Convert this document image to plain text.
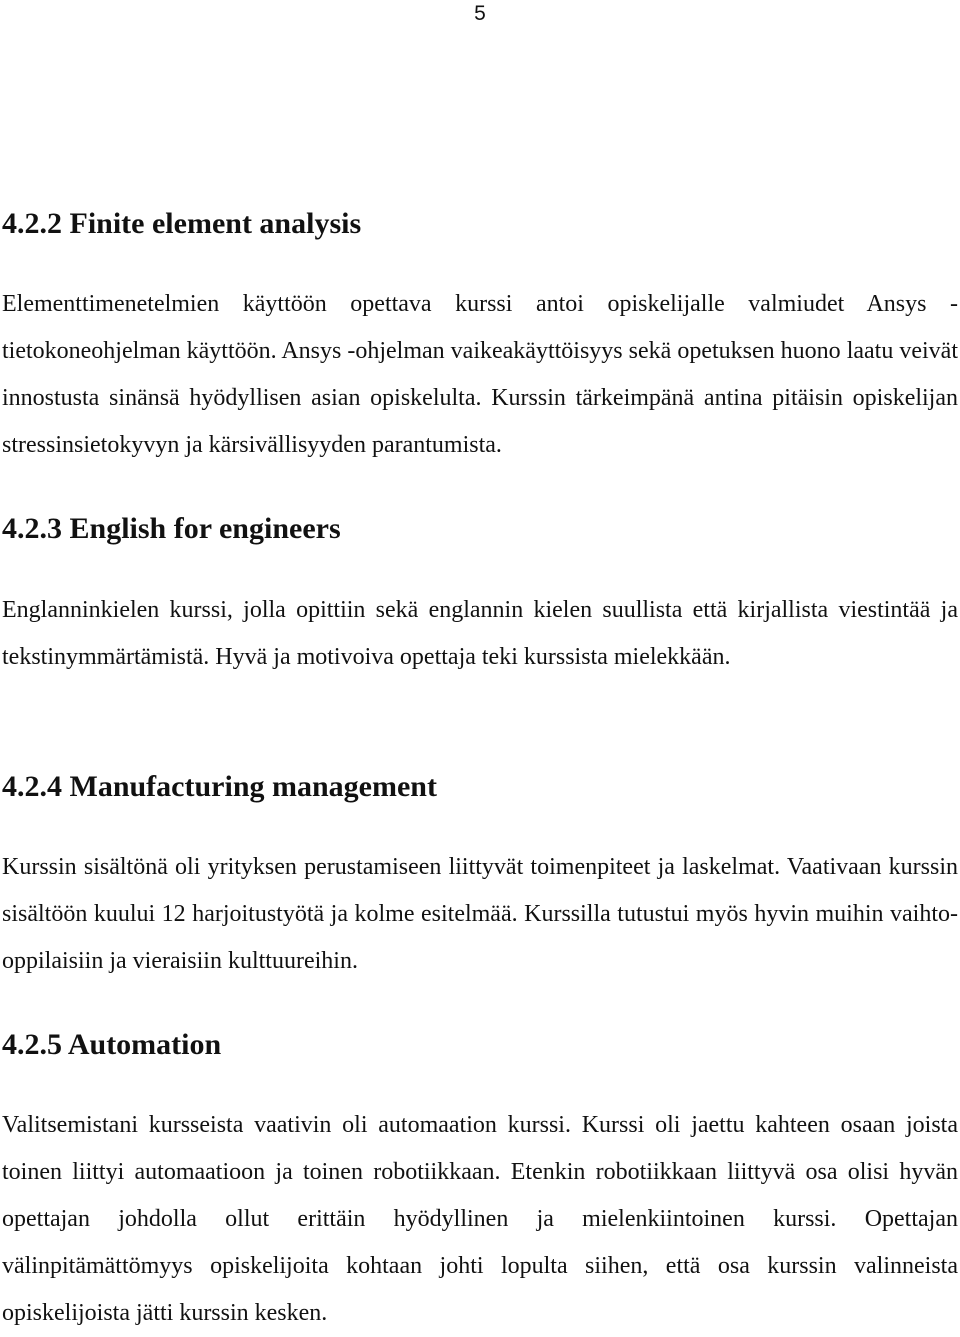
5
4.2.2 Finite element analysis

Elementtimenetelmien käyttöön opettava kurssi antoi opiskelijalle valmiudet Ansys -tietokoneohjelman käyttöön. Ansys -ohjelman vaikeakäyttöisyys sekä opetuksen huono laatu veivät innostusta sinänsä hyödyllisen asian opiskelulta. Kurssin tärkeimpänä antina pitäisin opiskelijan stressinsietokyvyn ja kärsivällisyyden parantumista.

4.2.3 English for engineers

Englanninkielen kurssi, jolla opittiin sekä englannin kielen suullista että kirjallista viestintää ja tekstinymmärtämistä. Hyvä ja motivoiva opettaja teki kurssista mielekkään.

4.2.4 Manufacturing management

Kurssin sisältönä oli yrityksen perustamiseen liittyvät toimenpiteet ja laskelmat. Vaativaan kurssin sisältöön kuului 12 harjoitustyötä ja kolme esitelmää. Kurssilla tutustui myös hyvin muihin vaihto-oppilaisiin ja vieraisiin kulttuureihin.

4.2.5 Automation

Valitsemistani kursseista vaativin oli automaation kurssi. Kurssi oli jaettu kahteen osaan joista toinen liittyi automaatioon ja toinen robotiikkaan. Etenkin robotiikkaan liittyvä osa olisi hyvän opettajan johdolla ollut erittäin hyödyllinen ja mielenkiintoinen kurssi. Opettajan välinpitämättömyys opiskelijoita kohtaan johti lopulta siihen, että osa kurssin valinneista opiskelijoista jätti kurssin kesken.
